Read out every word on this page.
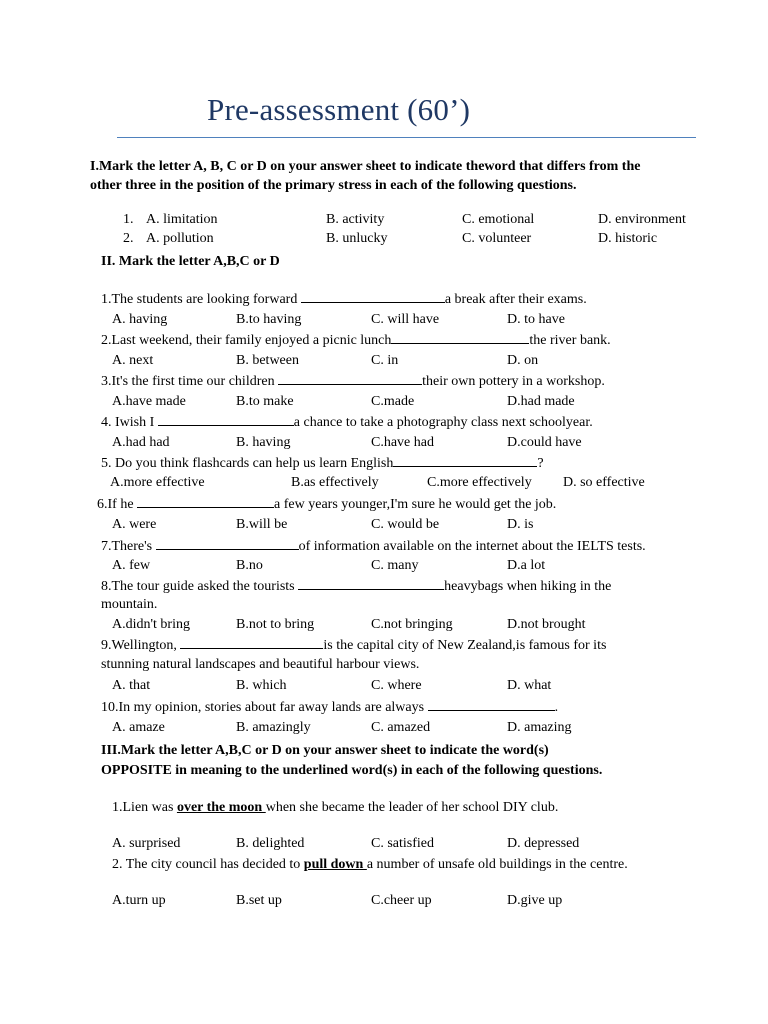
Pre-assessment (60’)
I.Mark the letter A, B, C or D on your answer sheet to indicate theword that differs from the
other three in the position of the primary stress in each of the following questions.
1. A. limitation	B. activity	C. emotional	D. environment
2. A. pollution	B. unlucky	C. volunteer	D. historic
II. Mark the letter A,B,C or D
1.The students are looking forward	a break after their exams.
A. having	B.to having	C. will have	D. to have
2.Last weekend, their family enjoyed a picnic lunch	the river bank.
A. next	B. between	C. in	D. on
3.It's the first time our children	their own pottery in a workshop.
A.have made	B.to make	C.made	D.had made
4. Iwish I	a chance to take a photography class next schoolyear.
A.had had	B. having	C.have had	D.could have
5. Do you think flashcards can help us learn English	?
A.more effective	B.as effectively	C.more effectively D. so effective
6.If he	a few years younger,I'm sure he would get the job.
A. were	B.will be	C. would be	D. is
7.There's	of information available on the internet about the IELTS tests.
A. few	B.no	C. many	D.a lot
8.The tour guide asked the tourists	heavybags when hiking in the
mountain.
A.didn't bring	B.not to bring	C.not bringing	D.not brought
9.Wellington,	is the capital city of New Zealand,is famous for its
stunning natural landscapes and beautiful harbour views.
A. that	B. which	C. where	D. what
10.In my opinion, stories about far away lands are always	.
A. amaze	B. amazingly	C. amazed	D. amazing
III.Mark the letter A,B,C or D on your answer sheet to indicate the word(s)
OPPOSITE in meaning to the underlined word(s) in each of the following questions.
1.Lien was over the moon when she became the leader of her school DIY club.
A. surprised	B. delighted	C. satisfied	D. depressed
2. The city council has decided to pull down a number of unsafe old buildings in the centre.
A.turn up	B.set up	C.cheer up	D.give up
